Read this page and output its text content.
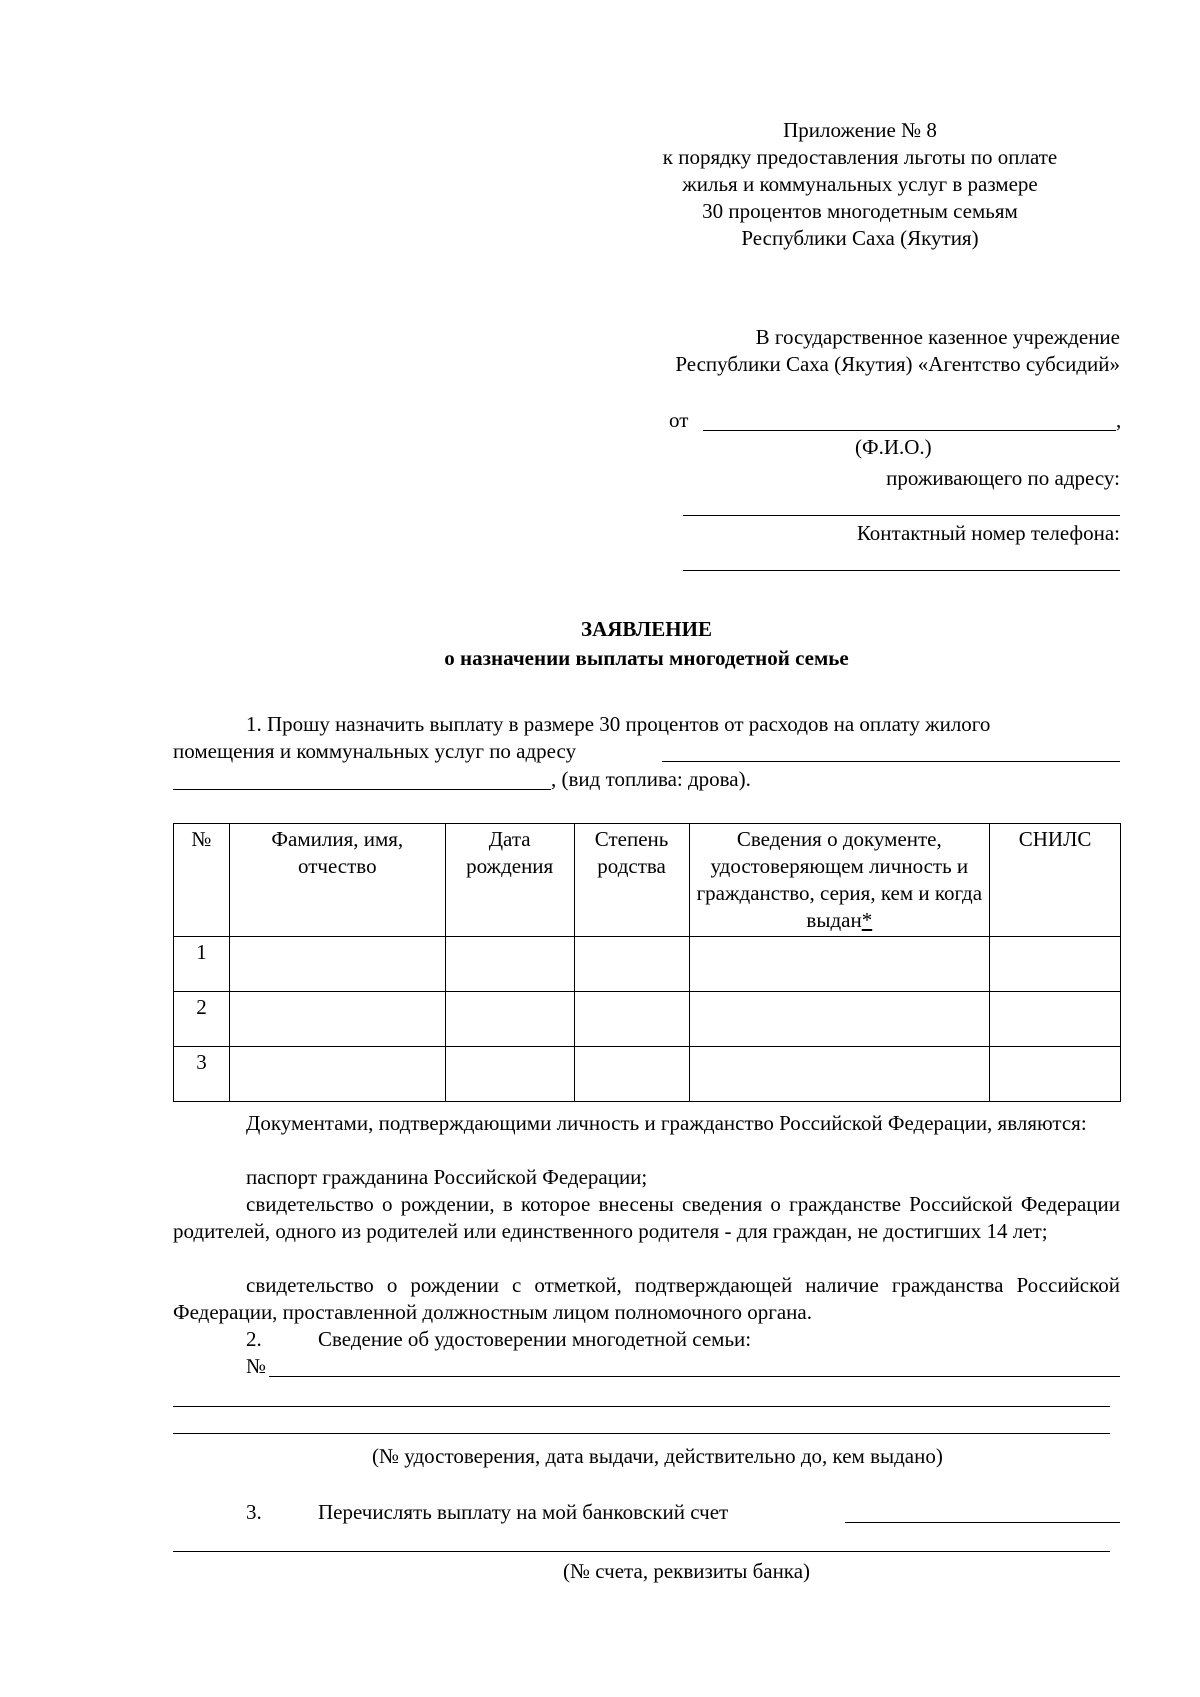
Приложение № 8
к порядку предоставления льготы по оплате
жилья и коммунальных услуг в размере
30 процентов многодетным семьям
Республики Саха (Якутия)
В государственное казенное учреждение
Республики Саха (Якутия) «Агентство субсидий»
от	,
(Ф.И.О.)
проживающего по адресу:
Контактный номер телефона:
ЗАЯВЛЕНИЕ
о назначении выплаты многодетной семье
1. Прошу назначить выплату в размере 30 процентов от расходов на оплату жилого
помещения и коммунальных услуг по адресу
, (вид топлива: дрова).
№	Фамилия, имя, отчество	Дата рождения	Степень родства	Сведения о документе, удостоверяющем личность и гражданство, серия, кем и когда выдан*	СНИЛС
1					
2					
3					
Документами, подтверждающими личность и гражданство Российской Федерации, являются:
паспорт гражданина Российской Федерации;
свидетельство о рождении, в которое внесены сведения о гражданстве Российской Федерации родителей, одного из родителей или единственного родителя - для граждан, не достигших 14 лет;
свидетельство о рождении с отметкой, подтверждающей наличие гражданства Российской Федерации, проставленной должностным лицом полномочного органа.
2.	Сведение об удостоверении многодетной семьи:
№
(№ удостоверения, дата выдачи, действительно до, кем выдано)
3.	Перечислять выплату на мой банковский счет
(№ счета, реквизиты банка)
